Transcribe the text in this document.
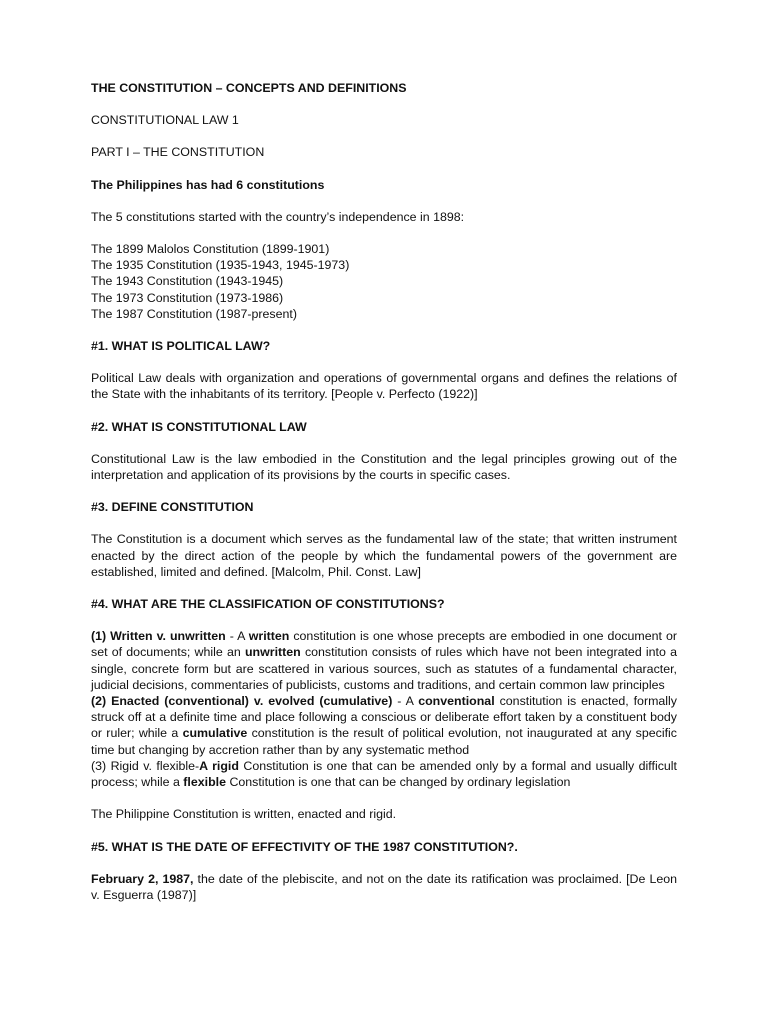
THE CONSTITUTION – CONCEPTS AND DEFINITIONS

CONSTITUTIONAL LAW 1

PART I – THE CONSTITUTION

The Philippines has had 6 constitutions

The 5 constitutions started with the country’s independence in 1898:

The 1899 Malolos Constitution (1899-1901)

The 1935 Constitution (1935-1943, 1945-1973)

The 1943 Constitution (1943-1945)

The 1973 Constitution (1973-1986)

The 1987 Constitution (1987-present)

#1. WHAT IS POLITICAL LAW?

Political Law deals with organization and operations of governmental organs and defines the relations of the State with the inhabitants of its territory. [People v. Perfecto (1922)]

#2. WHAT IS CONSTITUTIONAL LAW

Constitutional Law is the law embodied in the Constitution and the legal principles growing out of the interpretation and application of its provisions by the courts in specific cases.

#3. DEFINE CONSTITUTION

The Constitution is a document which serves as the fundamental law of the state; that written instrument enacted by the direct action of the people by which the fundamental powers of the government are established, limited and defined. [Malcolm, Phil. Const. Law]

#4. WHAT ARE THE CLASSIFICATION OF CONSTITUTIONS?

(1) Written v. unwritten - A written constitution is one whose precepts are embodied in one document or set of documents; while an unwritten constitution consists of rules which have not been integrated into a single, concrete form but are scattered in various sources, such as statutes of a fundamental character, judicial decisions, commentaries of publicists, customs and traditions, and certain common law principles

(2) Enacted (conventional) v. evolved (cumulative) - A conventional constitution is enacted, formally struck off at a definite time and place following a conscious or deliberate effort taken by a constituent body or ruler; while a cumulative constitution is the result of political evolution, not inaugurated at any specific time but changing by accretion rather than by any systematic method

(3) Rigid v. flexible-A rigid Constitution is one that can be amended only by a formal and usually difficult process; while a flexible Constitution is one that can be changed by ordinary legislation

The Philippine Constitution is written, enacted and rigid.

#5. WHAT IS THE DATE OF EFFECTIVITY OF THE 1987 CONSTITUTION?.

February 2, 1987, the date of the plebiscite, and not on the date its ratification was proclaimed. [De Leon v. Esguerra (1987)]
